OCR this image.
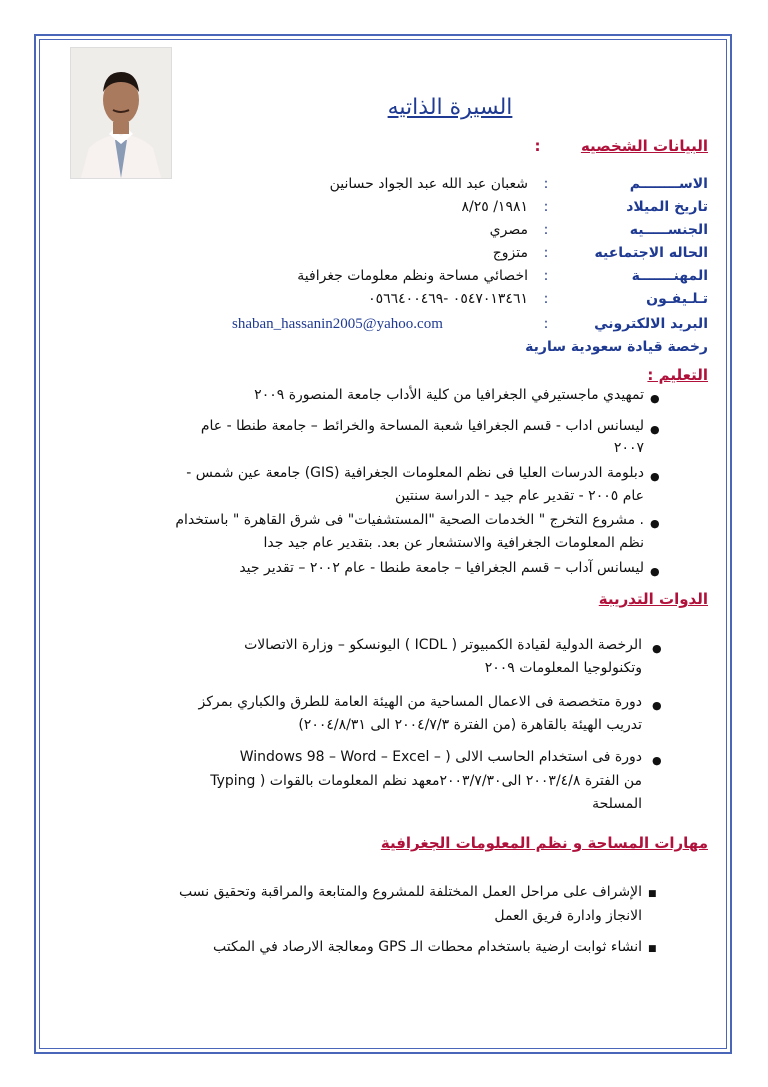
السيرة الذاتيه
البيانات الشخصيه  :
الاســــــــم
:
شعبان عبد الله عبد الجواد حسانين
تاريخ الميلاد
:
١٩٨١/ ٨/٢٥
الجنســـــيه
:
مصري
الحاله الاجتماعيه
:
متزوج
المهنـــــــة
:
اخصائي مساحة ونظم معلومات جغرافية
تـلـيفـون
:
٠٥٤٧٠١٣٤٦١ -٠٥٦٦٤٠٠٤٦٩
البريد الالكتروني
:
shaban_hassanin2005@yahoo.com
رخصة قيادة سعودية سارية
التعليم :
●
تمهيدي ماجستيرفي الجغرافيا من كلية الأداب جامعة المنصورة ٢٠٠٩
●
ليسانس اداب - قسم الجغرافيا شعبة المساحة والخرائط – جامعة طنطا - عام
٢٠٠٧
●
دبلومة الدرسات العليا فى نظم المعلومات الجغرافية (GIS) جامعة عين شمس -
عام ٢٠٠٥ - تقدير عام جيد - الدراسة سنتين
●
. مشروع التخرج " الخدمات الصحية "المستشفيات" فى شرق القاهرة " باستخدام
نظم المعلومات الجغرافية والاستشعار عن بعد. بتقدير عام جيد جدا
●
ليسانس آداب – قسم الجغرافيا – جامعة طنطا - عام ٢٠٠٢ – تقدير جيد
الدوات التدريبة
●
الرخصة الدولية لقيادة الكمبيوتر ( ICDL ) اليونسكو – وزارة الاتصالات
وتكنولوجيا المعلومات ٢٠٠٩
●
دورة متخصصة فى الاعمال المساحية من الهيئة العامة للطرق والكباري بمركز
تدريب الهيئة بالقاهرة (من الفترة ٢٠٠٤/٧/٣ الى ٢٠٠٤/٨/٣١)
●
دورة فى استخدام الحاسب الالى ( – Windows 98 – Word – Excel
Typing ) من الفترة ٢٠٠٣/٤/٨ الى٢٠٠٣/٧/٣٠معهد نظم المعلومات بالقوات
المسلحة
مهارات المساحة و نظم المعلومات الجغرافية
■
الإشراف على مراحل العمل المختلفة للمشروع والمتابعة والمراقبة وتحقيق نسب
الانجاز وادارة فريق العمل
■
انشاء ثوابت ارضية باستخدام محطات الـ GPS ومعالجة الارصاد في المكتب
